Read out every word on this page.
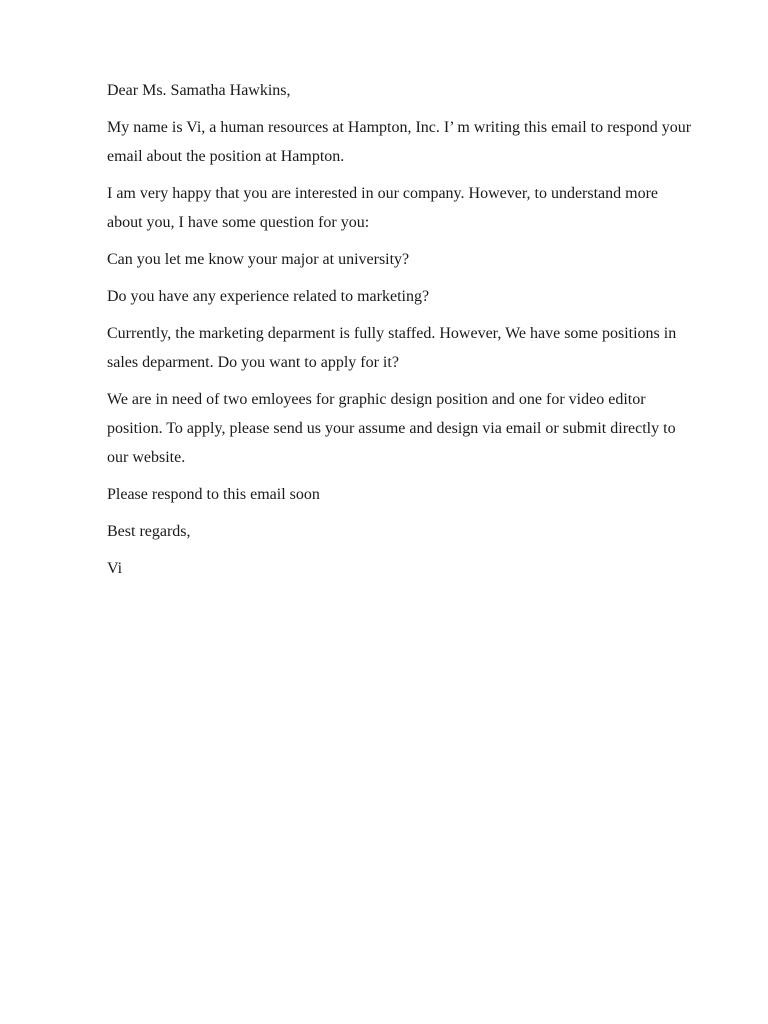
Dear Ms. Samatha Hawkins,

My name is Vi, a human resources at Hampton, Inc. I’ m writing this email to respond your email about the position at Hampton.

I am very happy that you are interested in our company. However, to understand more about you, I have some question for you:

Can you let me know your major at university?

Do you have any experience related to marketing?

Currently, the marketing deparment is fully staffed. However, We have some positions in sales deparment. Do you want to apply for it?

We are in need of two emloyees for graphic design position and one for video editor position. To apply, please send us your assume and design via email or submit directly to our website.

Please respond to this email soon

Best regards,

Vi
